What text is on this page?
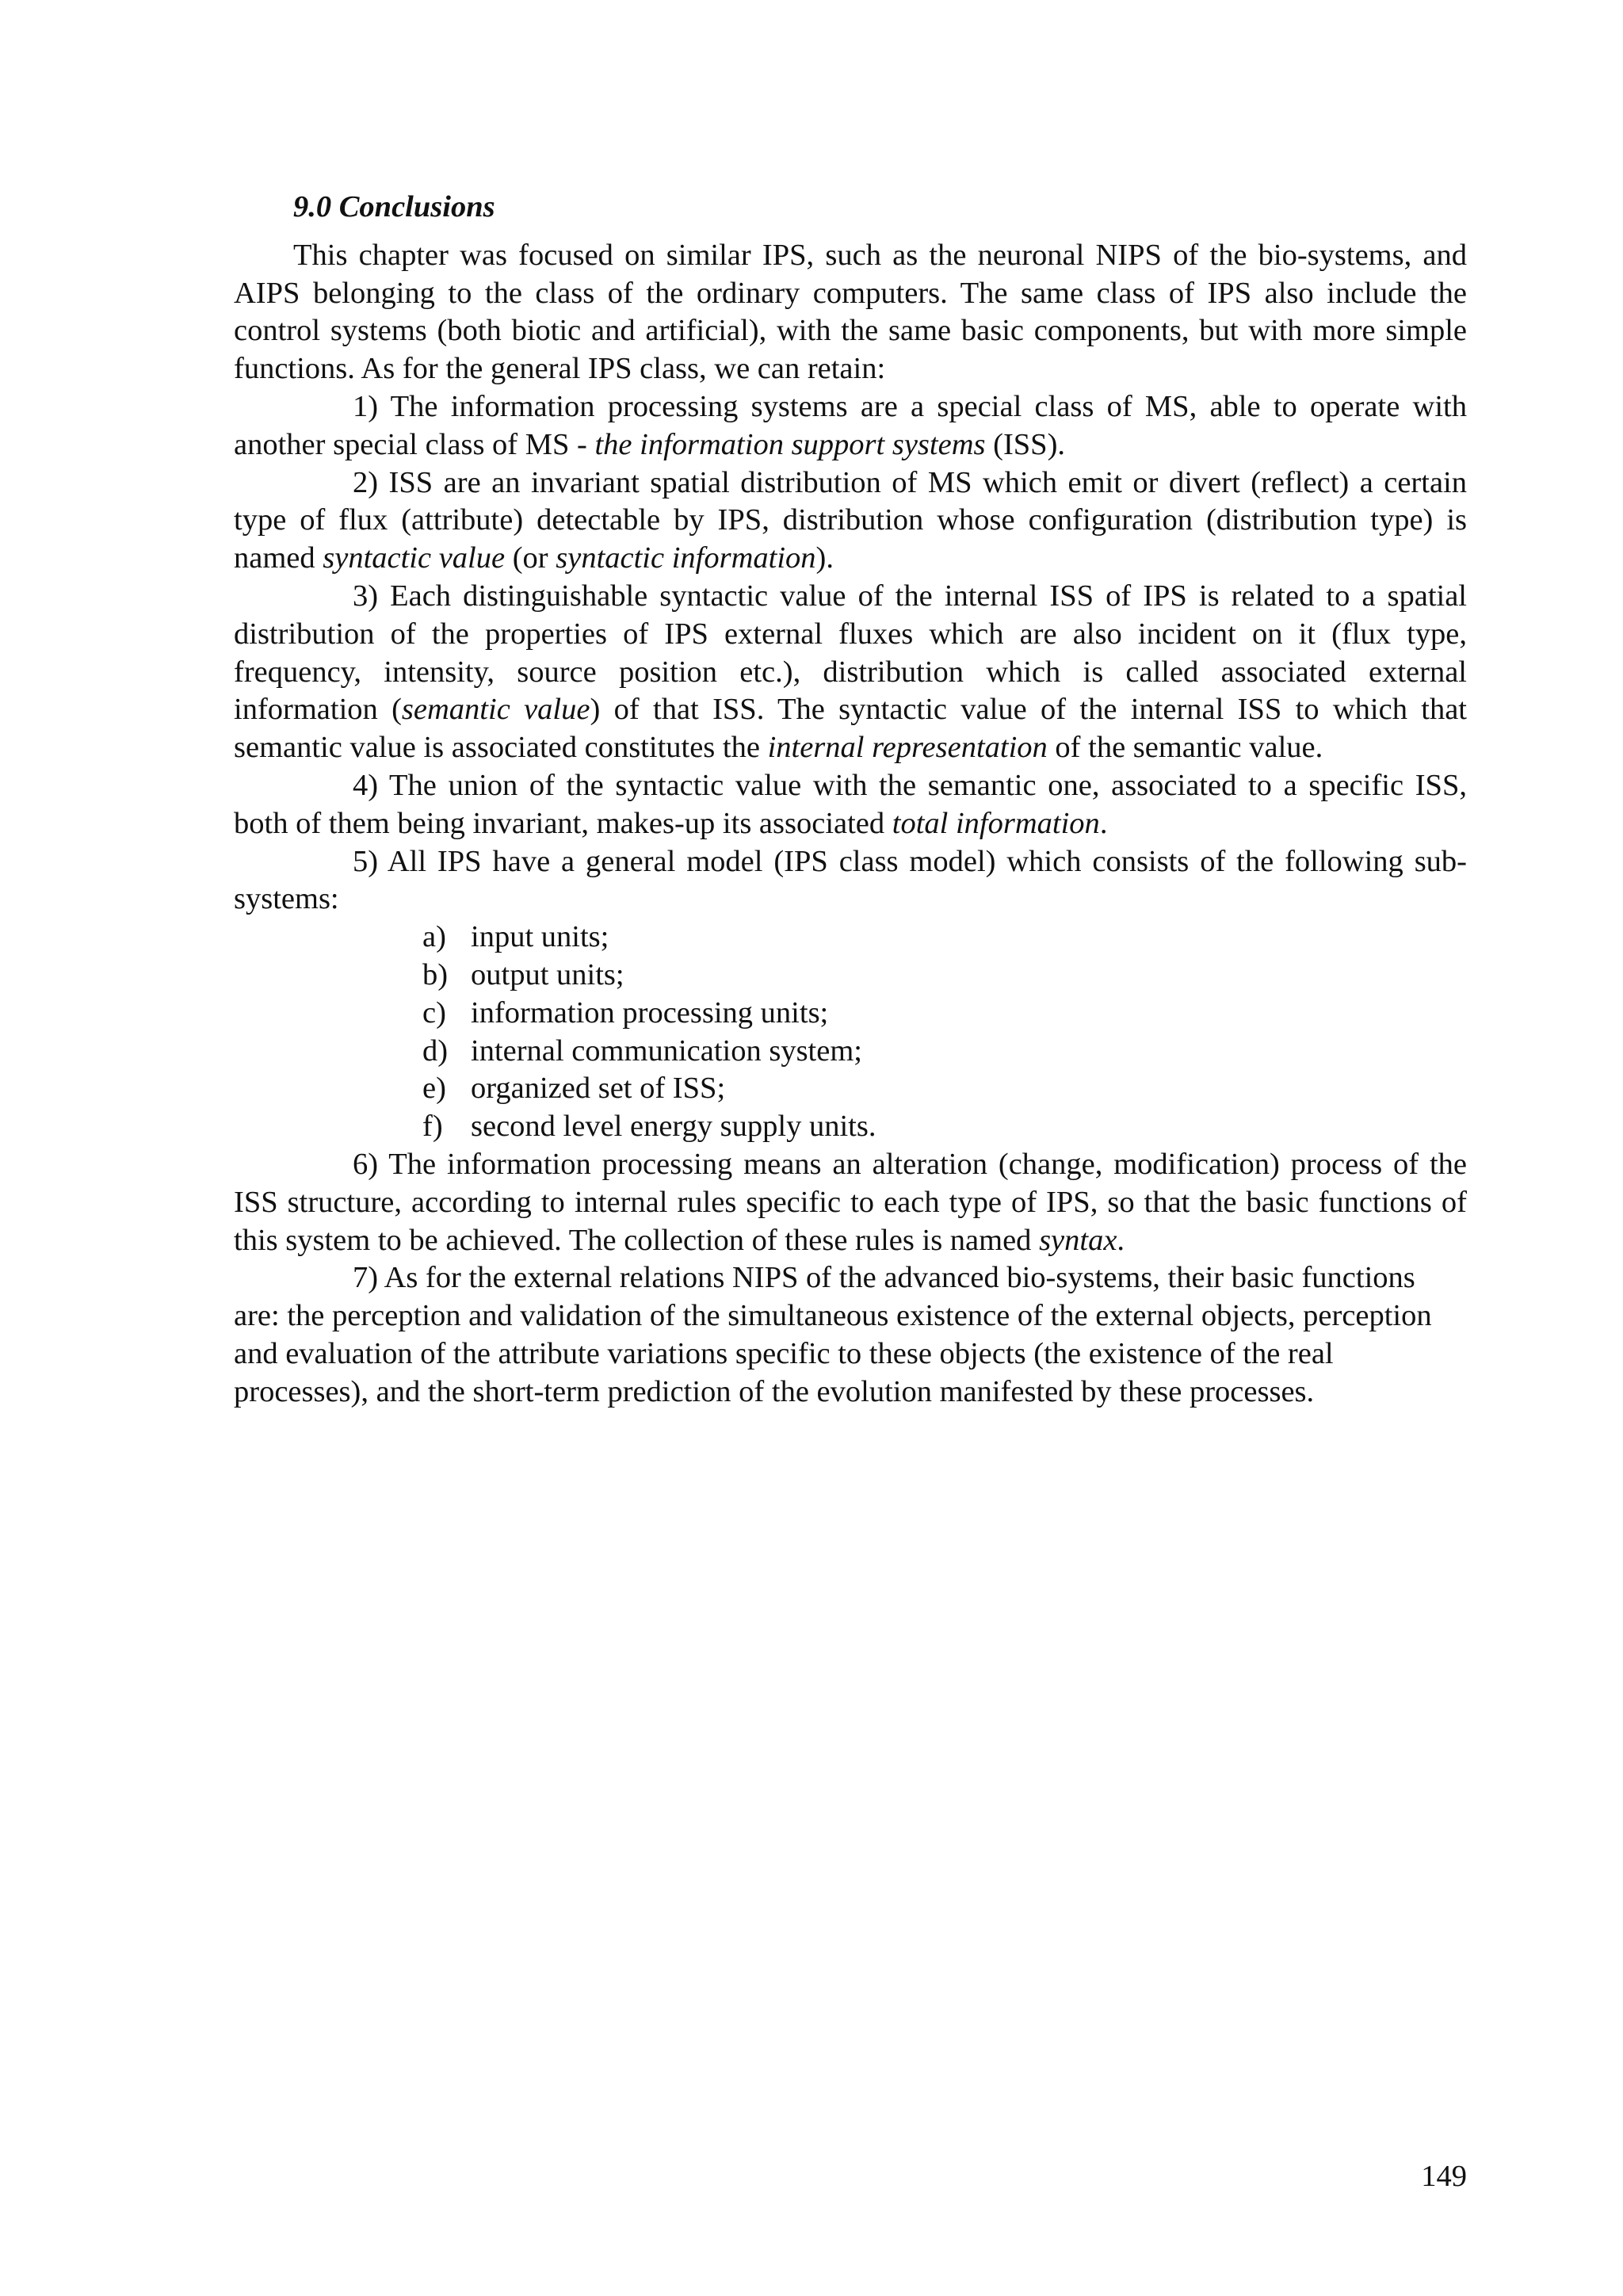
9.0 Conclusions

This chapter was focused on similar IPS, such as the neuronal NIPS of the bio-systems, and AIPS belonging to the class of the ordinary computers. The same class of IPS also include the control systems (both biotic and artificial), with the same basic components, but with more simple functions. As for the general IPS class, we can retain:

1) The information processing systems are a special class of MS, able to operate with another special class of MS - the information support systems (ISS).

2) ISS are an invariant spatial distribution of MS which emit or divert (reflect) a certain type of flux (attribute) detectable by IPS, distribution whose configuration (distribution type) is named syntactic value (or syntactic information).

3) Each distinguishable syntactic value of the internal ISS of IPS is related to a spatial distribution of the properties of IPS external fluxes which are also incident on it (flux type, frequency, intensity, source position etc.), distribution which is called associated external information (semantic value) of that ISS. The syntactic value of the internal ISS to which that semantic value is associated constitutes the internal representation of the semantic value.

4) The union of the syntactic value with the semantic one, associated to a specific ISS, both of them being invariant, makes-up its associated total information.

5) All IPS have a general model (IPS class model) which consists of the following sub-systems:

a) input units;
b) output units;
c) information processing units;
d) internal communication system;
e) organized set of ISS;
f) second level energy supply units.

6) The information processing means an alteration (change, modification) process of the ISS structure, according to internal rules specific to each type of IPS, so that the basic functions of this system to be achieved. The collection of these rules is named syntax.

7) As for the external relations NIPS of the advanced bio-systems, their basic functions are: the perception and validation of the simultaneous existence of the external objects, perception and evaluation of the attribute variations specific to these objects (the existence of the real processes), and the short-term prediction of the evolution manifested by these processes.

149
